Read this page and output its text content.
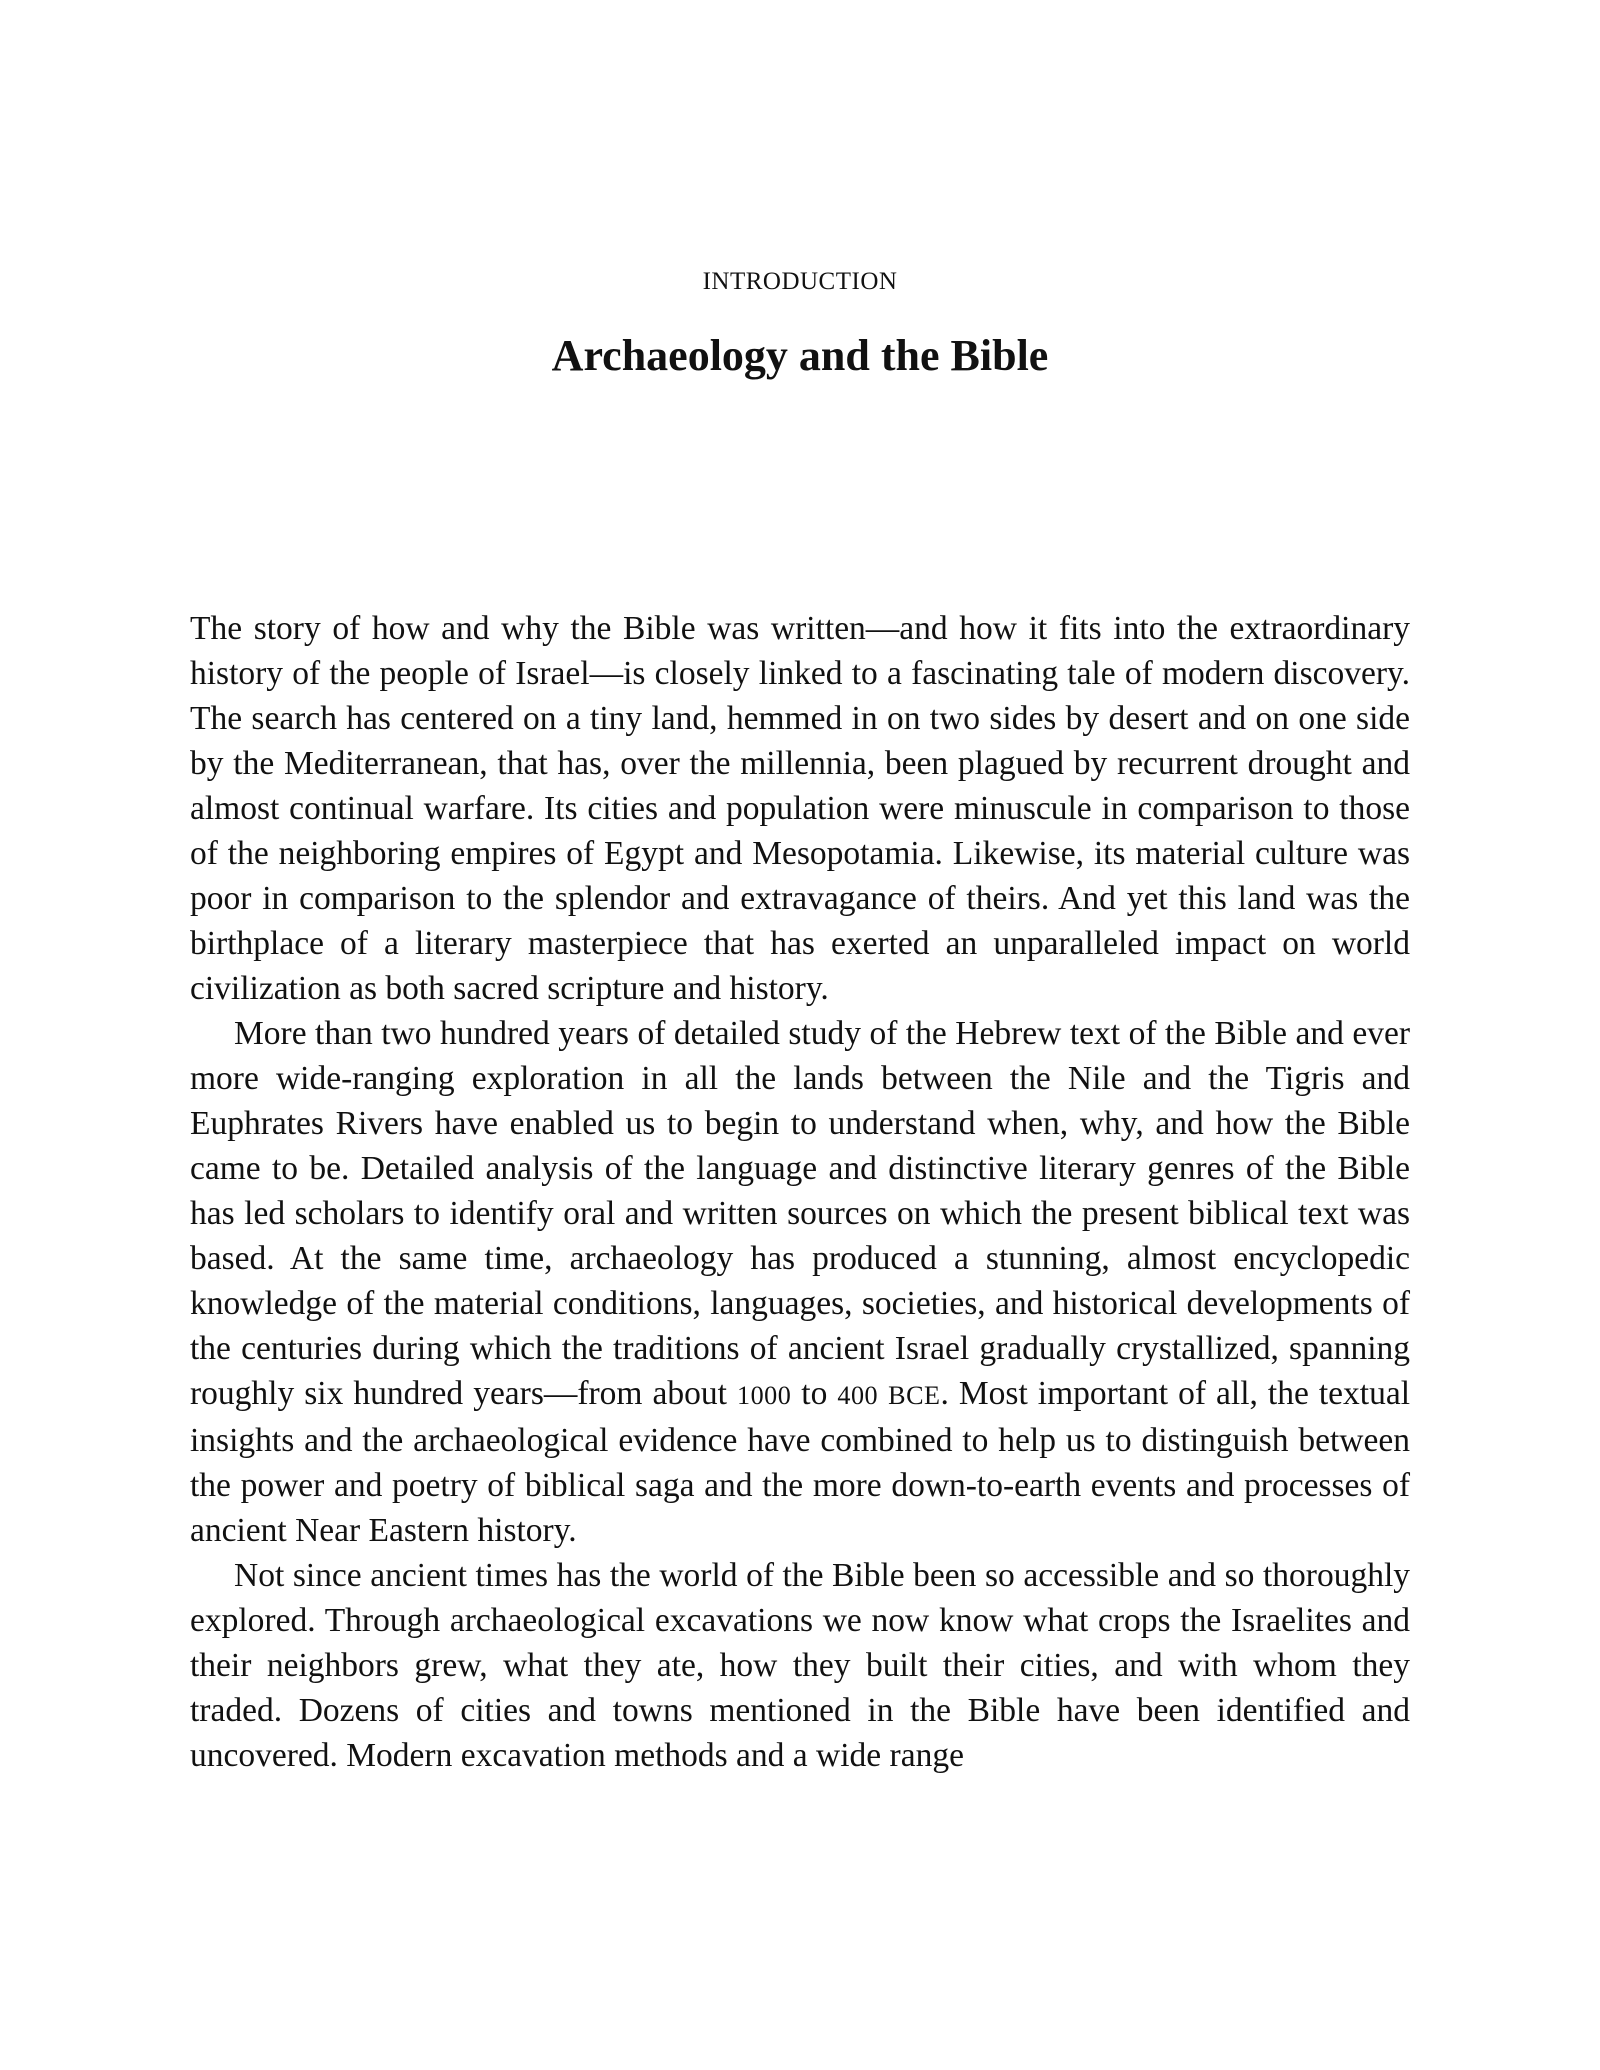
INTRODUCTION
Archaeology and the Bible

The story of how and why the Bible was written—and how it fits into the extraordinary history of the people of Israel—is closely linked to a fascinating tale of modern discovery. The search has centered on a tiny land, hemmed in on two sides by desert and on one side by the Mediterranean, that has, over the millennia, been plagued by recurrent drought and almost continual warfare. Its cities and population were minuscule in comparison to those of the neighboring empires of Egypt and Mesopotamia. Likewise, its material culture was poor in comparison to the splendor and extravagance of theirs. And yet this land was the birthplace of a literary masterpiece that has exerted an unparalleled impact on world civilization as both sacred scripture and history.

More than two hundred years of detailed study of the Hebrew text of the Bible and ever more wide-ranging exploration in all the lands between the Nile and the Tigris and Euphrates Rivers have enabled us to begin to understand when, why, and how the Bible came to be. Detailed analysis of the language and distinctive literary genres of the Bible has led scholars to identify oral and written sources on which the present biblical text was based. At the same time, archaeology has produced a stunning, almost encyclopedic knowledge of the material conditions, languages, societies, and historical developments of the centuries during which the traditions of ancient Israel gradually crystallized, spanning roughly six hundred years—from about 1000 to 400 BCE. Most important of all, the textual insights and the archaeological evidence have combined to help us to distinguish between the power and poetry of biblical saga and the more down-to-earth events and processes of ancient Near Eastern history.

Not since ancient times has the world of the Bible been so accessible and so thoroughly explored. Through archaeological excavations we now know what crops the Israelites and their neighbors grew, what they ate, how they built their cities, and with whom they traded. Dozens of cities and towns mentioned in the Bible have been identified and uncovered. Modern excavation methods and a wide range
